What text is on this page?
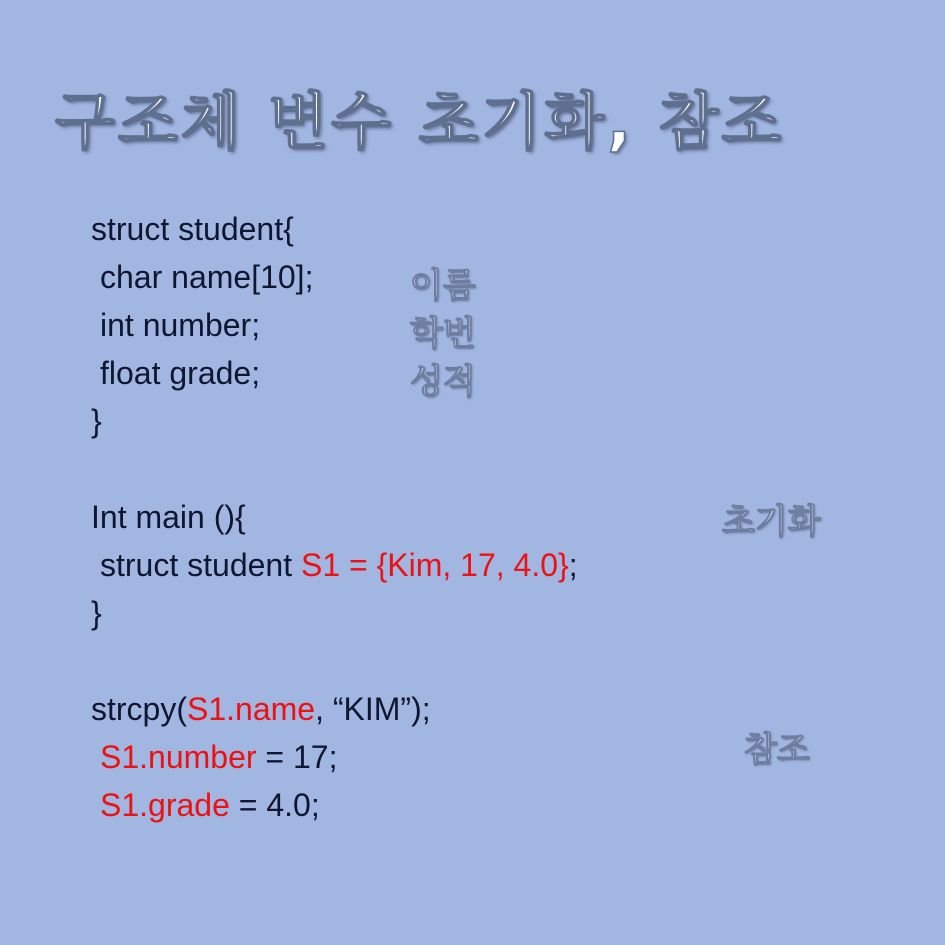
구조체 변수 초기화, 참조
struct student{
char name[10];
int number;
float grade;
}
Int main (){
struct student S1 = {Kim, 17, 4.0};
}
strcpy(S1.name, “KIM”);
S1.number = 17;
S1.grade = 4.0;
이름
학번
성적
초기화
참조
